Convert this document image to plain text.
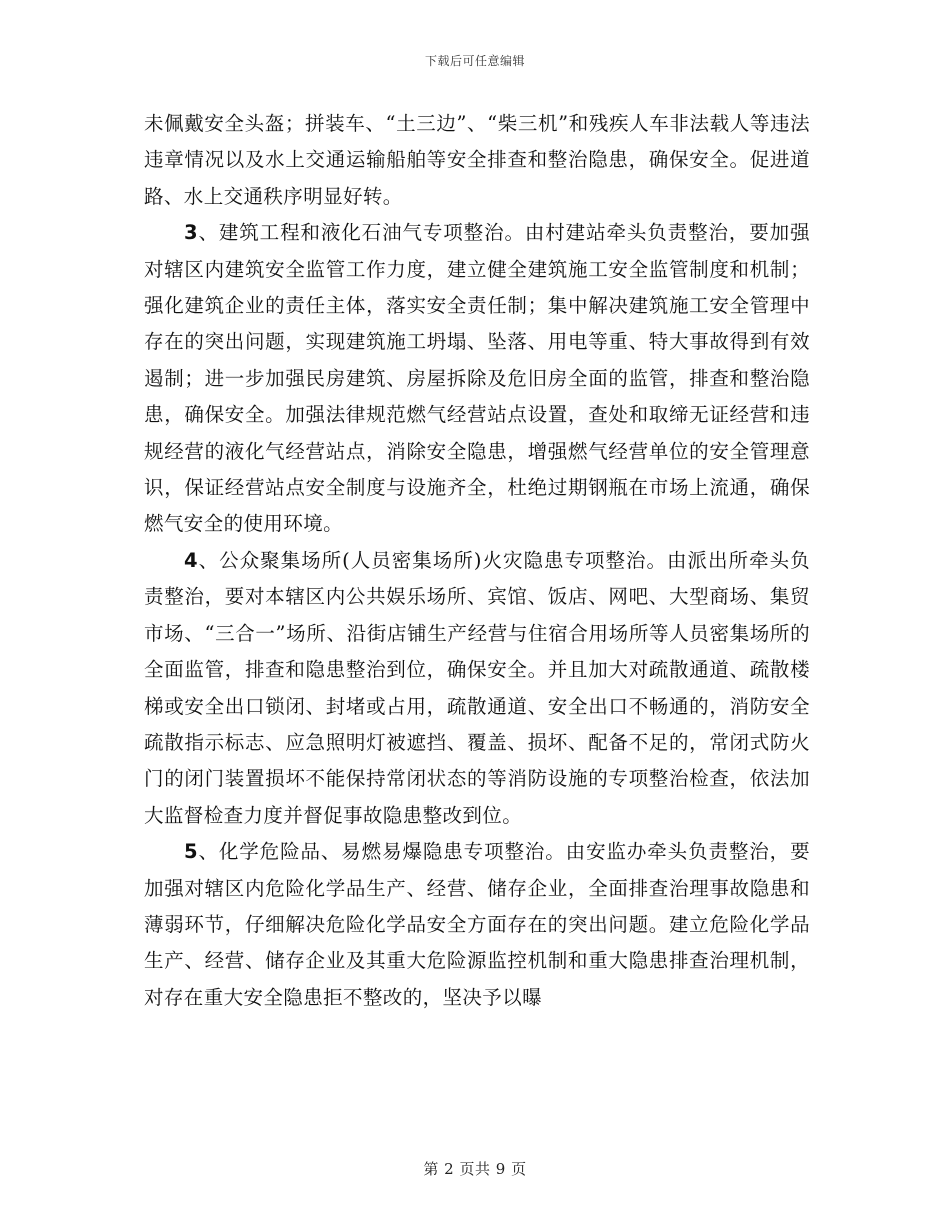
下载后可任意编辑

未佩戴安全头盔；拼装车、“土三边”、“柴三机”和残疾人车非法载人等违法违章情况以及水上交通运输船舶等安全排查和整治隐患，确保安全。促进道路、水上交通秩序明显好转。

3、建筑工程和液化石油气专项整治。由村建站牵头负责整治，要加强对辖区内建筑安全监管工作力度，建立健全建筑施工安全监管制度和机制；强化建筑企业的责任主体，落实安全责任制；集中解决建筑施工安全管理中存在的突出问题，实现建筑施工坍塌、坠落、用电等重、特大事故得到有效遏制；进一步加强民房建筑、房屋拆除及危旧房全面的监管，排查和整治隐患，确保安全。加强法律规范燃气经营站点设置，查处和取缔无证经营和违规经营的液化气经营站点，消除安全隐患，增强燃气经营单位的安全管理意识，保证经营站点安全制度与设施齐全，杜绝过期钢瓶在市场上流通，确保燃气安全的使用环境。

4、公众聚集场所(人员密集场所)火灾隐患专项整治。由派出所牵头负责整治，要对本辖区内公共娱乐场所、宾馆、饭店、网吧、大型商场、集贸市场、“三合一”场所、沿街店铺生产经营与住宿合用场所等人员密集场所的全面监管，排查和隐患整治到位，确保安全。并且加大对疏散通道、疏散楼梯或安全出口锁闭、封堵或占用，疏散通道、安全出口不畅通的，消防安全疏散指示标志、应急照明灯被遮挡、覆盖、损坏、配备不足的，常闭式防火门的闭门装置损坏不能保持常闭状态的等消防设施的专项整治检查，依法加大监督检查力度并督促事故隐患整改到位。

5、化学危险品、易燃易爆隐患专项整治。由安监办牵头负责整治，要加强对辖区内危险化学品生产、经营、储存企业，全面排查治理事故隐患和薄弱环节，仔细解决危险化学品安全方面存在的突出问题。建立危险化学品生产、经营、储存企业及其重大危险源监控机制和重大隐患排查治理机制，对存在重大安全隐患拒不整改的，坚决予以曝

第 2 页共 9 页
